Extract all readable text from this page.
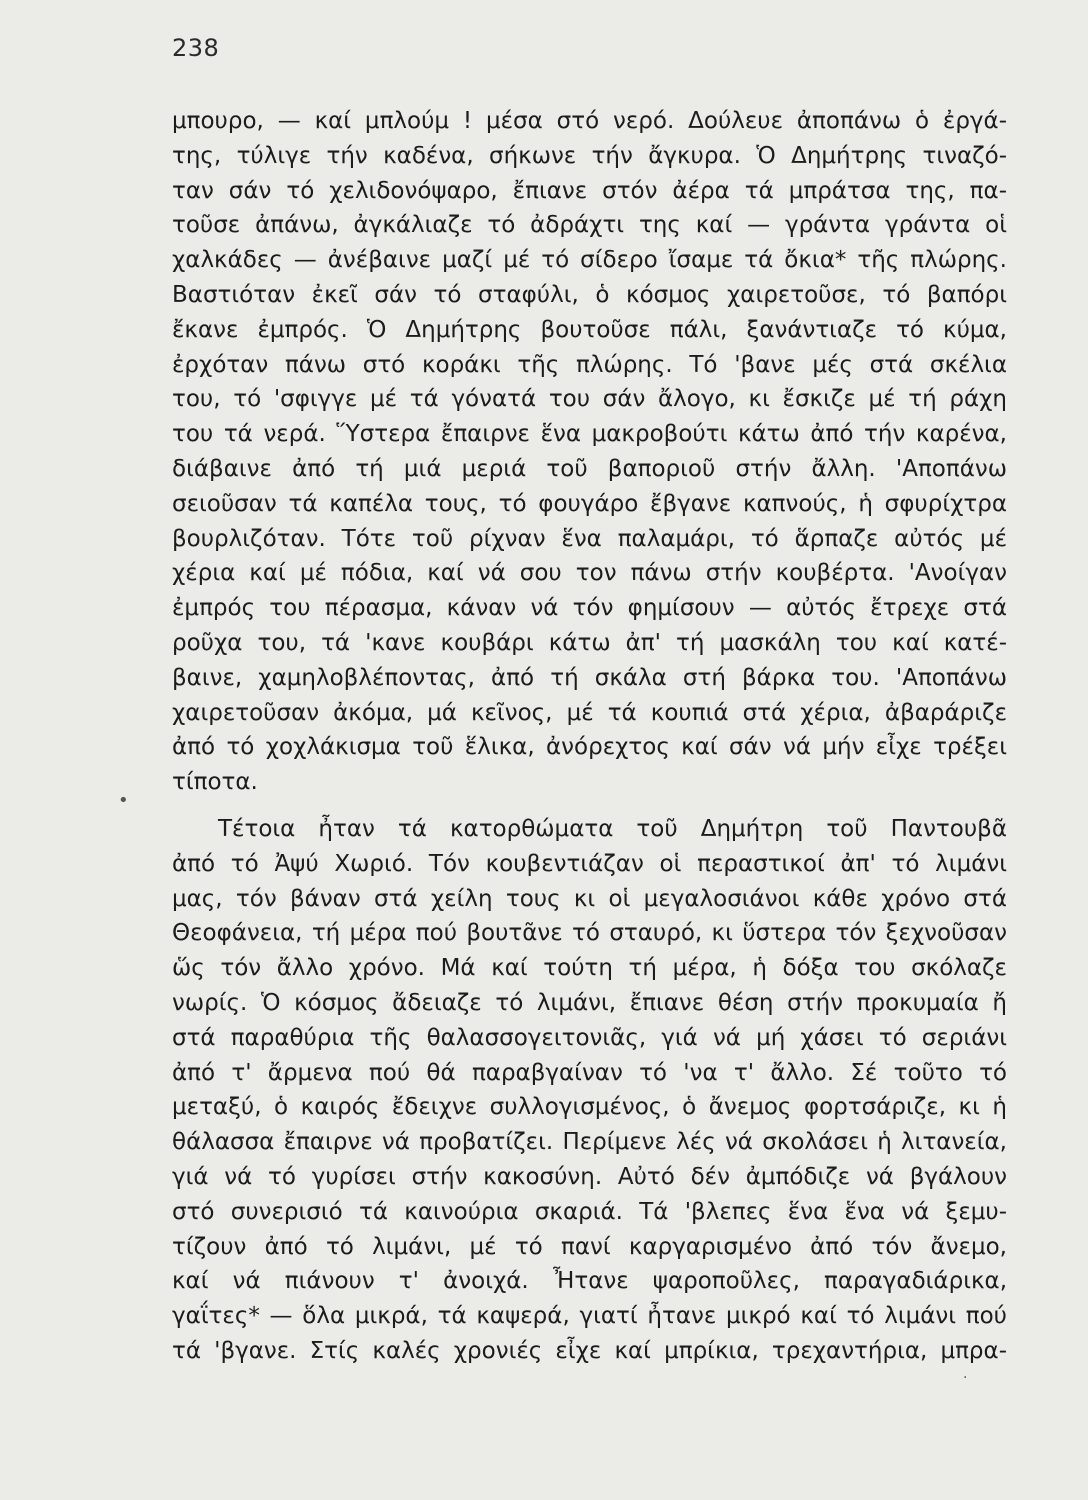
238
•
·
μπουρο, — καί μπλούμ ! μέσα στό νερό. Δούλευε ἀποπάνω ὁ ἐργά-
της, τύλιγε τήν καδένα, σήκωνε τήν ἄγκυρα. Ὁ Δημήτρης τιναζό-
ταν σάν τό χελιδονόψαρο, ἔπιανε στόν ἀέρα τά μπράτσα της, πα-
τοῦσε ἀπάνω, ἀγκάλιαζε τό ἀδράχτι της καί — γράντα γράντα οἱ
χαλκάδες — ἀνέβαινε μαζί μέ τό σίδερο ἴσαμε τά ὄκια* τῆς πλώρης.
Βαστιόταν ἐκεῖ σάν τό σταφύλι, ὁ κόσμος χαιρετοῦσε, τό βαπόρι
ἔκανε ἐμπρός. Ὁ Δημήτρης βουτοῦσε πάλι, ξανάντιαζε τό κύμα,
ἐρχόταν πάνω στό κοράκι τῆς πλώρης. Τό 'βανε μές στά σκέλια
του, τό 'σφιγγε μέ τά γόνατά του σάν ἄλογο, κι ἔσκιζε μέ τή ράχη
του τά νερά. Ὕστερα ἔπαιρνε ἕνα μακροβούτι κάτω ἀπό τήν καρένα,
διάβαινε ἀπό τή μιά μεριά τοῦ βαποριοῦ στήν ἄλλη. 'Αποπάνω
σειοῦσαν τά καπέλα τους, τό φουγάρο ἔβγανε καπνούς, ἡ σφυρίχτρα
βουρλιζόταν. Τότε τοῦ ρίχναν ἕνα παλαμάρι, τό ἅρπαζε αὐτός μέ
χέρια καί μέ πόδια, καί νά σου τον πάνω στήν κουβέρτα. 'Ανοίγαν
ἐμπρός του πέρασμα, κάναν νά τόν φημίσουν — αὐτός ἔτρεχε στά
ροῦχα του, τά 'κανε κουβάρι κάτω ἀπ' τή μασκάλη του καί κατέ-
βαινε, χαμηλοβλέποντας, ἀπό τή σκάλα στή βάρκα του. 'Αποπάνω
χαιρετοῦσαν ἀκόμα, μά κεῖνος, μέ τά κουπιά στά χέρια, ἀβαράριζε
ἀπό τό χοχλάκισμα τοῦ ἕλικα, ἀνόρεχτος καί σάν νά μήν εἶχε τρέξει
τίποτα.
Τέτοια ἦταν τά κατορθώματα τοῦ Δημήτρη τοῦ Παντουβᾶ
ἀπό τό Ἀψύ Χωριό. Τόν κουβεντιάζαν οἱ περαστικοί ἀπ' τό λιμάνι
μας, τόν βάναν στά χείλη τους κι οἱ μεγαλοσιάνοι κάθε χρόνο στά
Θεοφάνεια, τή μέρα πού βουτᾶνε τό σταυρό, κι ὕστερα τόν ξεχνοῦσαν
ὥς τόν ἄλλο χρόνο. Μά καί τούτη τή μέρα, ἡ δόξα του σκόλαζε
νωρίς. Ὁ κόσμος ἄδειαζε τό λιμάνι, ἔπιανε θέση στήν προκυμαία ἤ
στά παραθύρια τῆς θαλασσογειτονιᾶς, γιά νά μή χάσει τό σεριάνι
ἀπό τ' ἄρμενα πού θά παραβγαίναν τό 'να τ' ἄλλο. Σέ τοῦτο τό
μεταξύ, ὁ καιρός ἔδειχνε συλλογισμένος, ὁ ἄνεμος φορτσάριζε, κι ἡ
θάλασσα ἔπαιρνε νά προβατίζει. Περίμενε λές νά σκολάσει ἡ λιτανεία,
γιά νά τό γυρίσει στήν κακοσύνη. Αὐτό δέν ἀμπόδιζε νά βγάλουν
στό συνερισιό τά καινούρια σκαριά. Τά 'βλεπες ἕνα ἕνα νά ξεμυ-
τίζουν ἀπό τό λιμάνι, μέ τό πανί καργαρισμένο ἀπό τόν ἄνεμο,
καί νά πιάνουν τ' ἀνοιχά. Ἦτανε ψαροποῦλες, παραγαδιάρικα,
γαΐτες* — ὅλα μικρά, τά καψερά, γιατί ἦτανε μικρό καί τό λιμάνι πού
τά 'βγανε. Στίς καλές χρονιές εἶχε καί μπρίκια, τρεχαντήρια, μπρα-
